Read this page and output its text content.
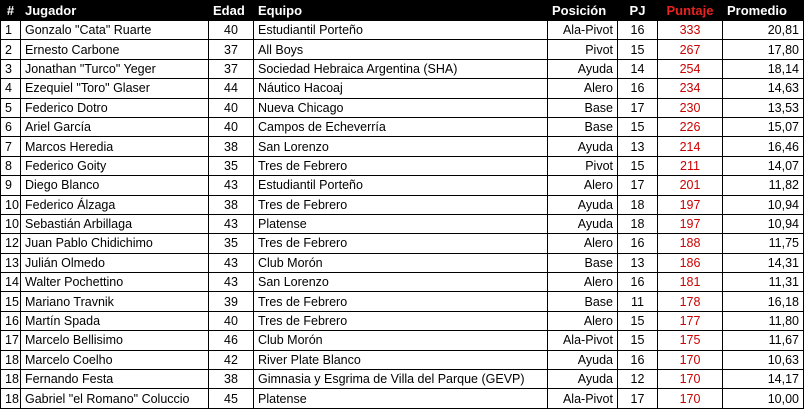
#	Jugador	Edad	Equipo	Posición	PJ	Puntaje	Promedio
1	Gonzalo "Cata" Ruarte	40	Estudiantil Porteño	Ala-Pivot	16	333	20,81
2	Ernesto Carbone	37	All Boys	Pivot	15	267	17,80
3	Jonathan "Turco" Yeger	37	Sociedad Hebraica Argentina (SHA)	Ayuda	14	254	18,14
4	Ezequiel "Toro" Glaser	44	Náutico Hacoaj	Alero	16	234	14,63
5	Federico Dotro	40	Nueva Chicago	Base	17	230	13,53
6	Ariel García	40	Campos de Echeverría	Base	15	226	15,07
7	Marcos Heredia	38	San Lorenzo	Ayuda	13	214	16,46
8	Federico Goity	35	Tres de Febrero	Pivot	15	211	14,07
9	Diego Blanco	43	Estudiantil Porteño	Alero	17	201	11,82
10	Federico Álzaga	38	Tres de Febrero	Ayuda	18	197	10,94
10	Sebastián Arbillaga	43	Platense	Ayuda	18	197	10,94
12	Juan Pablo Chidichimo	35	Tres de Febrero	Alero	16	188	11,75
13	Julián Olmedo	43	Club Morón	Base	13	186	14,31
14	Walter Pochettino	43	San Lorenzo	Alero	16	181	11,31
15	Mariano Travnik	39	Tres de Febrero	Base	11	178	16,18
16	Martín Spada	40	Tres de Febrero	Alero	15	177	11,80
17	Marcelo Bellisimo	46	Club Morón	Ala-Pivot	15	175	11,67
18	Marcelo Coelho	42	River Plate Blanco	Ayuda	16	170	10,63
18	Fernando Festa	38	Gimnasia y Esgrima de Villa del Parque (GEVP)	Ayuda	12	170	14,17
18	Gabriel "el Romano" Coluccio	45	Platense	Ala-Pivot	17	170	10,00
